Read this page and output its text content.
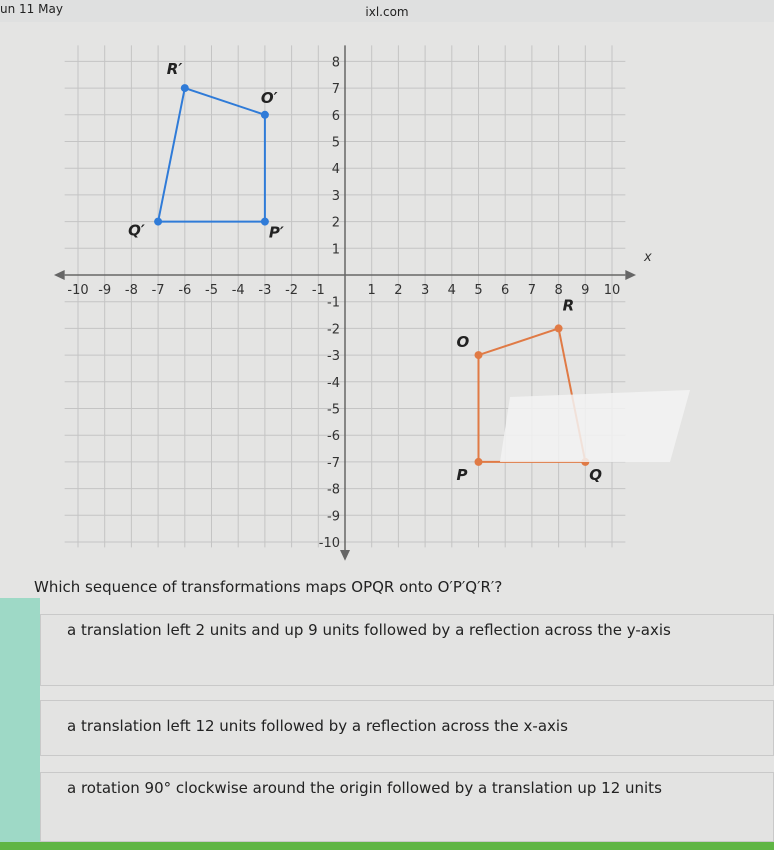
un 11 May	ixl.com
-10 -9 -8 -7 -6 -5 -4 -3 -2 -1	1 2 3 4 5 6 7 8 9 10
1
2
3
4
5
6
7
8
-1
-2
-3
-4
-5
-6
-7
-8
-9
-10
O
P	Q
R
O′
P′
Q′
R′
x
Which sequence of transformations maps OPQR onto O′P′Q′R′?
a translation left 2 units and up 9 units followed by a reflection across the y-axis
a translation left 12 units followed by a reflection across the x-axis
a rotation 90° clockwise around the origin followed by a translation up 12 units
